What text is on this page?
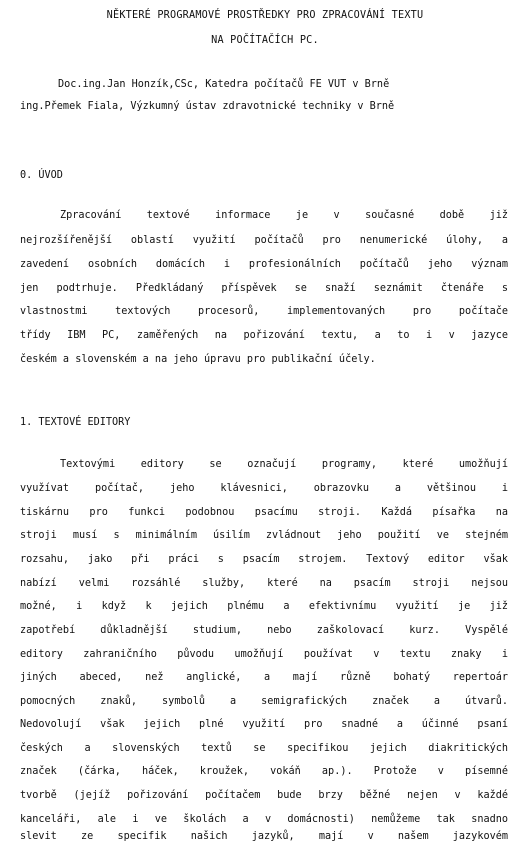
NĚKTERÉ PROGRAMOVÉ PROSTŘEDKY PRO ZPRACOVÁNÍ TEXTU
NA POČÍTAČÍCH PC.
Doc.ing.Jan Honzík,CSc, Katedra počítačů FE VUT v Brně
ing.Přemek Fiala, Výzkumný ústav zdravotnické techniky v Brně
0. ÚVOD
Zpracování textové informace je v současné době již
nejrozšířenější oblastí využití počítačů pro nenumerické úlohy, a
zavedení osobních domácích i profesionálních počítačů jeho význam
jen podtrhuje. Předkládaný příspěvek se snaží seznámit čtenáře s
vlastnostmi textových procesorů, implementovaných pro počítače
třídy IBM PC, zaměřených na pořizování textu, a to i v jazyce
českém a slovenském a na jeho úpravu pro publikační účely.
1. TEXTOVÉ EDITORY
Textovými editory se označují programy, které umožňují
využívat počítač, jeho klávesnici, obrazovku a většinou i
tiskárnu pro funkci podobnou psacímu stroji. Každá písařka na
stroji musí s minimálním úsilím zvládnout jeho použití ve stejném
rozsahu, jako při práci s psacím strojem. Textový editor však
nabízí velmi rozsáhlé služby, které na psacím stroji nejsou
možné, i když k jejich plnému a efektivnímu využití je již
zapotřebí důkladnější studium, nebo zaškolovací kurz. Vyspělé
editory zahraničního původu umožňují používat v textu znaky i
jiných abeced, než anglické, a mají různě bohatý repertoár
pomocných znaků, symbolů a semigrafických značek a útvarů.
Nedovolují však jejich plné využití pro snadné a účinné psaní
českých a slovenských textů se specifikou jejich diakritických
značek (čárka, háček, kroužek, vokáň ap.). Protože v písemné
tvorbě (jejíž pořizování počítačem bude brzy běžné nejen v každé
kanceláři, ale i ve školách a v domácnosti) nemůžeme tak snadno
slevit ze specifik našich jazyků, mají v našem jazykovém
